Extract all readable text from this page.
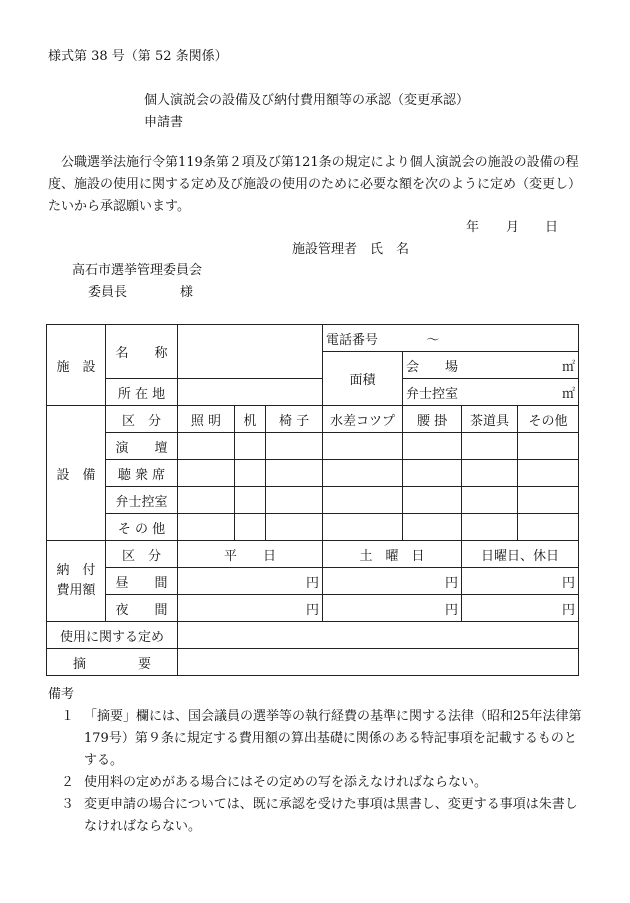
様式第 38 号（第 52 条関係）
個人演説会の設備及び納付費用額等の承認（変更承認）
申請書
公職選挙法施行令第119条第２項及び第121条の規定により個人演説会の施設の設備の程度、施設の使用に関する定め及び施設の使用のために必要な額を次のように定め（変更し）たいから承認願います。
年 月 日
施設管理者　氏　名
高石市選挙管理委員会
委員長	様
施　設	名　　称				電話番号 ～			
					面積	会　　場 ㎡		

	所 在 地					弁士控室 ㎡		

設　備	区　分	照 明	机	椅 子	水差コツプ	腰 掛	茶道具	その他
	演　　壇							
	聴 衆 席							
	弁士控室							
	そ の 他							
納　付
費用額	区　分	平　　日			土　曜　日		日曜日、休日	
	昼　　間	円			円		円	
	夜　　間	円			円		円	
使用に関する定め								
摘　　　　要								
備考
１ 「摘要」欄には、国会議員の選挙等の執行経費の基準に関する法律（昭和25年法律第179号）第９条に規定する費用額の算出基礎に関係のある特記事項を記載するものとする。
２ 使用料の定めがある場合にはその定めの写を添えなければならない。
３ 変更申請の場合については、既に承認を受けた事項は黒書し、変更する事項は朱書しなければならない。
